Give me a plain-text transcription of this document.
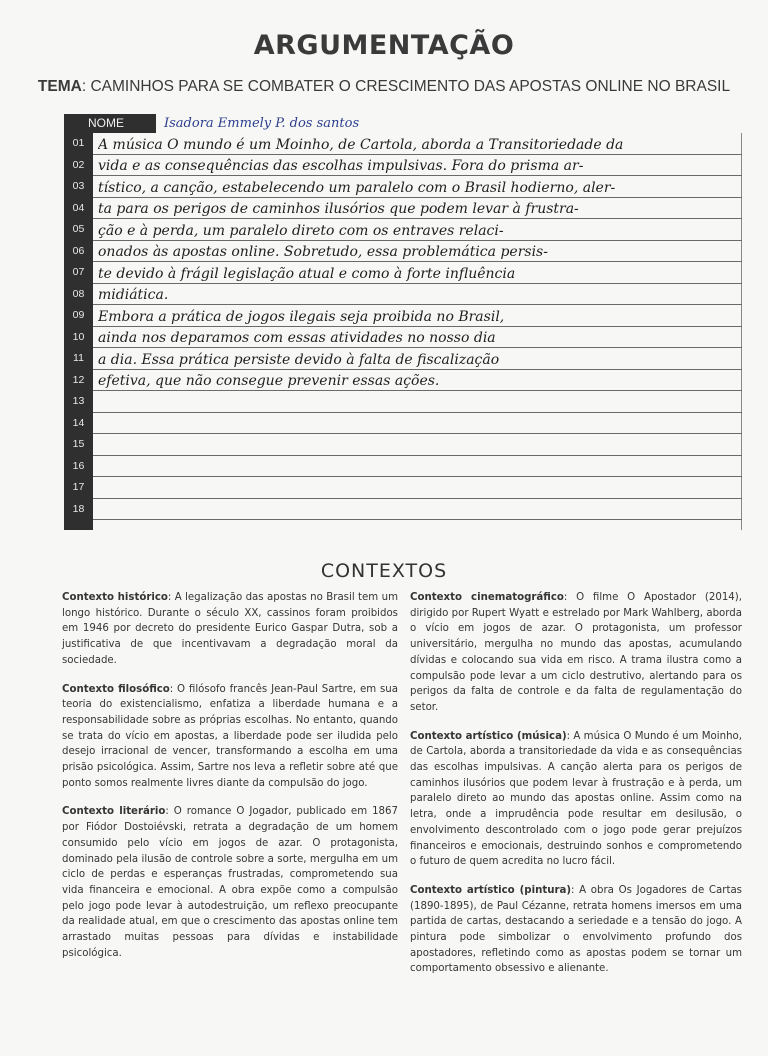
ARGUMENTAÇÃO
TEMA: CAMINHOS PARA SE COMBATER O CRESCIMENTO DAS APOSTAS ONLINE NO BRASIL
NOME	Isadora Emmely P. dos santos
01 A música O mundo é um Moinho, de Cartola, aborda a Transitoriedade da
02 vida e as consequências das escolhas impulsivas. Fora do prisma ar-
03 tístico, a canção, estabelecendo um paralelo com o Brasil hodierno, aler-
04 ta para os perigos de caminhos ilusórios que podem levar à frustra-
05 ção e à perda, um paralelo direto com os entraves relaci-
06 onados às apostas online. Sobretudo, essa problemática persis-
07 te devido à frágil legislação atual e como à forte influência
08 midiática.
09 Embora a prática de jogos ilegais seja proibida no Brasil,
10 ainda nos deparamos com essas atividades no nosso dia
11	a dia. Essa prática persiste devido à falta de fiscalização
12 efetiva, que não consegue prevenir essas ações.
13
14
15
16
17
18
CONTEXTOS
Contexto histórico: A legalização das apostas no Brasil tem um longo histórico. Durante o século XX, cassinos foram proibidos em 1946 por decreto do presidente Eurico Gaspar Dutra, sob a justificativa de que incentivavam a degradação moral da sociedade.
Contexto filosófico: O filósofo francês Jean-Paul Sartre, em sua teoria do existencialismo, enfatiza a liberdade humana e a responsabilidade sobre as próprias escolhas. No entanto, quando se trata do vício em apostas, a liberdade pode ser iludida pelo desejo irracional de vencer, transformando a escolha em uma prisão psicológica. Assim, Sartre nos leva a refletir sobre até que ponto somos realmente livres diante da compulsão do jogo.
Contexto literário: O romance O Jogador, publicado em 1867 por Fiódor Dostoiévski, retrata a degradação de um homem consumido pelo vício em jogos de azar. O protagonista, dominado pela ilusão de controle sobre a sorte, mergulha em um ciclo de perdas e esperanças frustradas, comprometendo sua vida financeira e emocional. A obra expõe como a compulsão pelo jogo pode levar à autodestruição, um reflexo preocupante da realidade atual, em que o crescimento das apostas online tem arrastado muitas pessoas para dívidas e instabilidade psicológica.
Contexto cinematográfico: O filme O Apostador (2014), dirigido por Rupert Wyatt e estrelado por Mark Wahlberg, aborda o vício em jogos de azar. O protagonista, um professor universitário, mergulha no mundo das apostas, acumulando dívidas e colocando sua vida em risco. A trama ilustra como a compulsão pode levar a um ciclo destrutivo, alertando para os perigos da falta de controle e da falta de regulamentação do setor.
Contexto artístico (música): A música O Mundo é um Moinho, de Cartola, aborda a transitoriedade da vida e as consequências das escolhas impulsivas. A canção alerta para os perigos de caminhos ilusórios que podem levar à frustração e à perda, um paralelo direto ao mundo das apostas online. Assim como na letra, onde a imprudência pode resultar em desilusão, o envolvimento descontrolado com o jogo pode gerar prejuízos financeiros e emocionais, destruindo sonhos e comprometendo o futuro de quem acredita no lucro fácil.
Contexto artístico (pintura): A obra Os Jogadores de Cartas (1890-1895), de Paul Cézanne, retrata homens imersos em uma partida de cartas, destacando a seriedade e a tensão do jogo. A pintura pode simbolizar o envolvimento profundo dos apostadores, refletindo como as apostas podem se tornar um comportamento obsessivo e alienante.
